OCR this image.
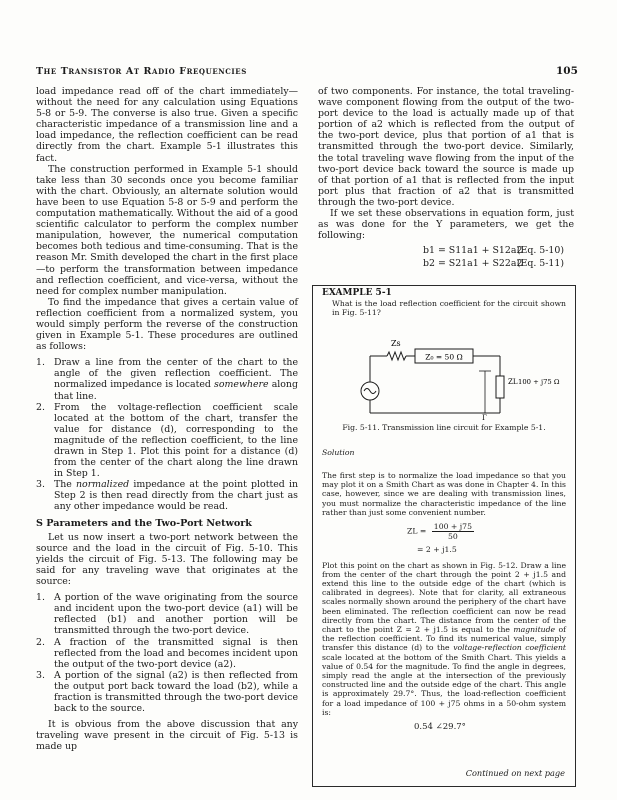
The Transistor At Radio Frequencies	105

load impedance read off of the chart immediately—without the need for any calculation using Equations 5-8 or 5-9. The converse is also true. Given a specific characteristic impedance of a transmission line and a load impedance, the reflection coefficient can be read directly from the chart. Example 5-1 illustrates this fact.

The construction performed in Example 5-1 should take less than 30 seconds once you become familiar with the chart. Obviously, an alternate solution would have been to use Equation 5-8 or 5-9 and perform the computation mathematically. Without the aid of a good scientific calculator to perform the complex number manipulation, however, the numerical computation becomes both tedious and time-consuming. That is the reason Mr. Smith developed the chart in the first place—to perform the transformation between impedance and reflection coefficient, and vice-versa, without the need for complex number manipulation.

To find the impedance that gives a certain value of reflection coefficient from a normalized system, you would simply perform the reverse of the construction given in Example 5-1. These procedures are outlined as follows:

1. Draw a line from the center of the chart to the angle of the given reflection coefficient. The normalized impedance is located somewhere along that line.
2. From the voltage-reflection coefficient scale located at the bottom of the chart, transfer the value for distance (d), corresponding to the magnitude of the reflection coefficient, to the line drawn in Step 1. Plot this point for a distance (d) from the center of the chart along the line drawn in Step 1.
3. The normalized impedance at the point plotted in Step 2 is then read directly from the chart just as any other impedance would be read.
S Parameters and the Two-Port Network

Let us now insert a two-port network between the source and the load in the circuit of Fig. 5-10. This yields the circuit of Fig. 5-13. The following may be said for any traveling wave that originates at the source:

1. A portion of the wave originating from the source and incident upon the two-port device (a1) will be reflected (b1) and another portion will be transmitted through the two-port device.
2. A fraction of the transmitted signal is then reflected from the load and becomes incident upon the output of the two-port device (a2).
3. A portion of the signal (a2) is then reflected from the output port back toward the load (b2), while a fraction is transmitted through the two-port device back to the source.

It is obvious from the above discussion that any traveling wave present in the circuit of Fig. 5-13 is made up

of two components. For instance, the total traveling-wave component flowing from the output of the two-port device to the load is actually made up of that portion of a2 which is reflected from the output of the two-port device, plus that portion of a1 that is transmitted through the two-port device. Similarly, the total traveling wave flowing from the input of the two-port device back toward the source is made up of that portion of a1 that is reflected from the input port plus that fraction of a2 that is transmitted through the two-port device.

If we set these observations in equation form, just as was done for the Y parameters, we get the following:

b1 = S11a1 + S12a2
(Eq. 5-10)
b2 = S21a1 + S22a2
(Eq. 5-11)
EXAMPLE 5-1
What is the load reflection coefficient for the circuit shown in Fig. 5-11?
Zs
Z₀ = 50 Ω
ZL 100 + j75 Ω
Γ
Fig. 5-11. Transmission line circuit for Example 5-1.
Solution

The first step is to normalize the load impedance so that you may plot it on a Smith Chart as was done in Chapter 4. In this case, however, since we are dealing with transmission lines, you must normalize the characteristic impedance of the line rather than just some convenient number.

ZL = $\frac{100 + j75}{50}$
= 2 + j1.5

Plot this point on the chart as shown in Fig. 5-12. Draw a line from the center of the chart through the point 2 + j1.5 and extend this line to the outside edge of the chart (which is calibrated in degrees). Note that for clarity, all extraneous scales normally shown around the periphery of the chart have been eliminated. The reflection coefficient can now be read directly from the chart. The distance from the center of the chart to the point Z = 2 + j1.5 is equal to the magnitude of the reflection coefficient. To find its numerical value, simply transfer this distance (d) to the voltage-reflection coefficient scale located at the bottom of the Smith Chart. This yields a value of 0.54 for the magnitude. To find the angle in degrees, simply read the angle at the intersection of the previously constructed line and the outside edge of the chart. This angle is approximately 29.7°. Thus, the load-reflection coefficient for a load impedance of 100 + j75 ohms in a 50-ohm system is:

0.54 ∠29.7°
Continued on next page
